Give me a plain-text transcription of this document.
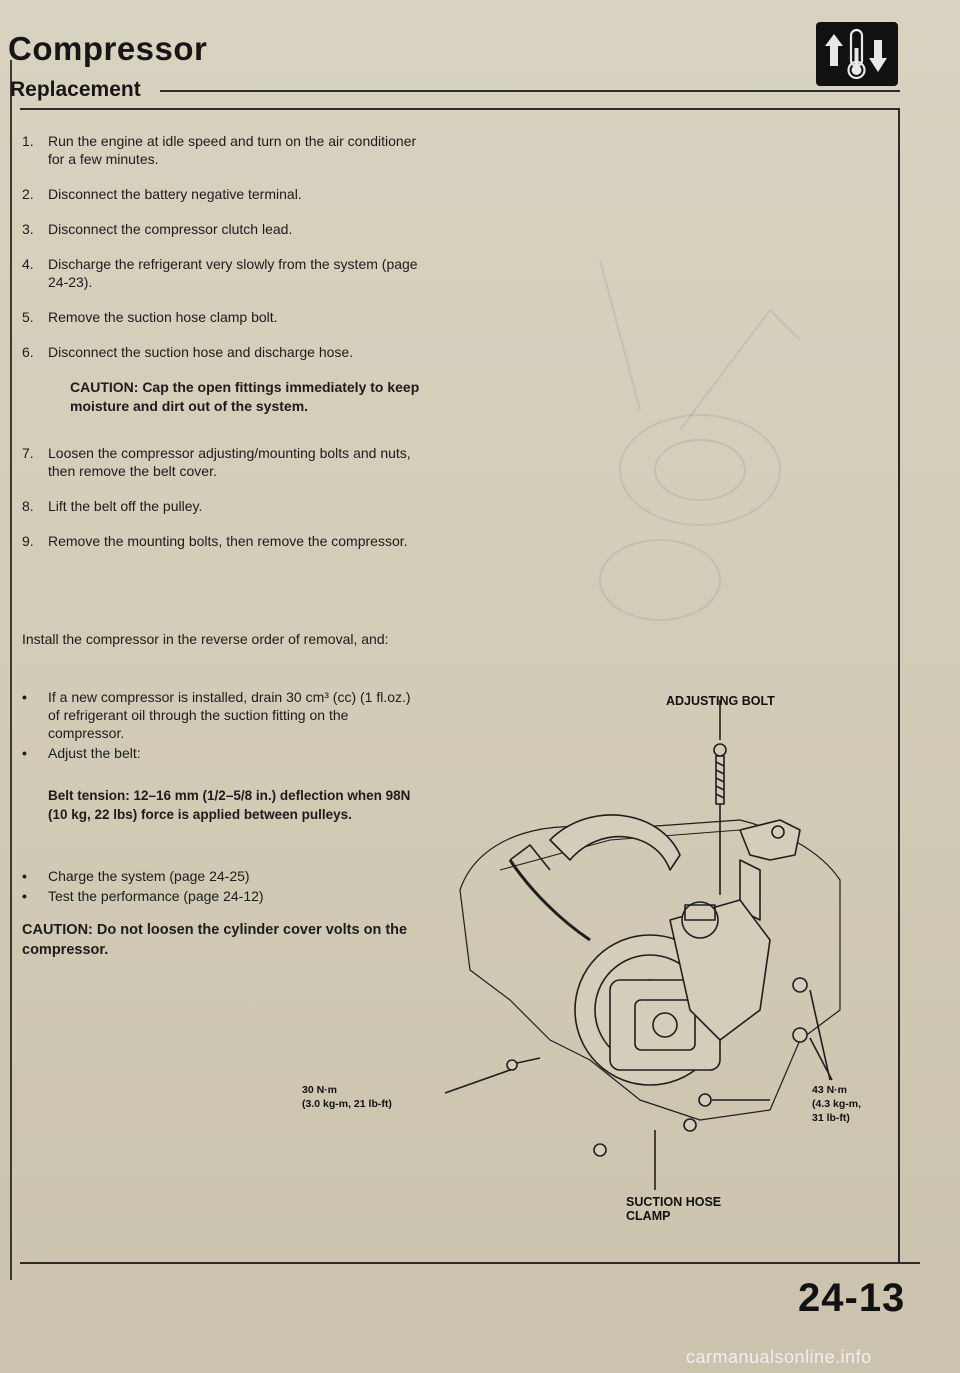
Compressor
Replacement
1.	Run the engine at idle speed and turn on the air conditioner for a few minutes.
2.	Disconnect the battery negative terminal.
3.	Disconnect the compressor clutch lead.
4.	Discharge the refrigerant very slowly from the system (page 24-23).
5.	Remove the suction hose clamp bolt.
6.	Disconnect the suction hose and discharge hose.
CAUTION: Cap the open fittings immediately to keep moisture and dirt out of the system.
7.	Loosen the compressor adjusting/mounting bolts and nuts, then remove the belt cover.
8.	Lift the belt off the pulley.
9.	Remove the mounting bolts, then remove the compressor.

Install the compressor in the reverse order of removal, and:

•	If a new compressor is installed, drain 30 cm³ (cc) (1 fl.oz.) of refrigerant oil through the suction fitting on the compressor.
•	Adjust the belt:

Belt tension: 12–16 mm (1/2–5/8 in.) deflection when 98N (10 kg, 22 lbs) force is applied between pulleys.

•	Charge the system (page 24-25)
•	Test the performance (page 24-12)

CAUTION: Do not loosen the cylinder cover volts on the compressor.

ADJUSTING BOLT
30 N·m
(3.0 kg-m, 21 lb-ft)
43 N·m
(4.3 kg-m,
31 lb-ft)
SUCTION HOSE
CLAMP

24-13

carmanualsonline.info
